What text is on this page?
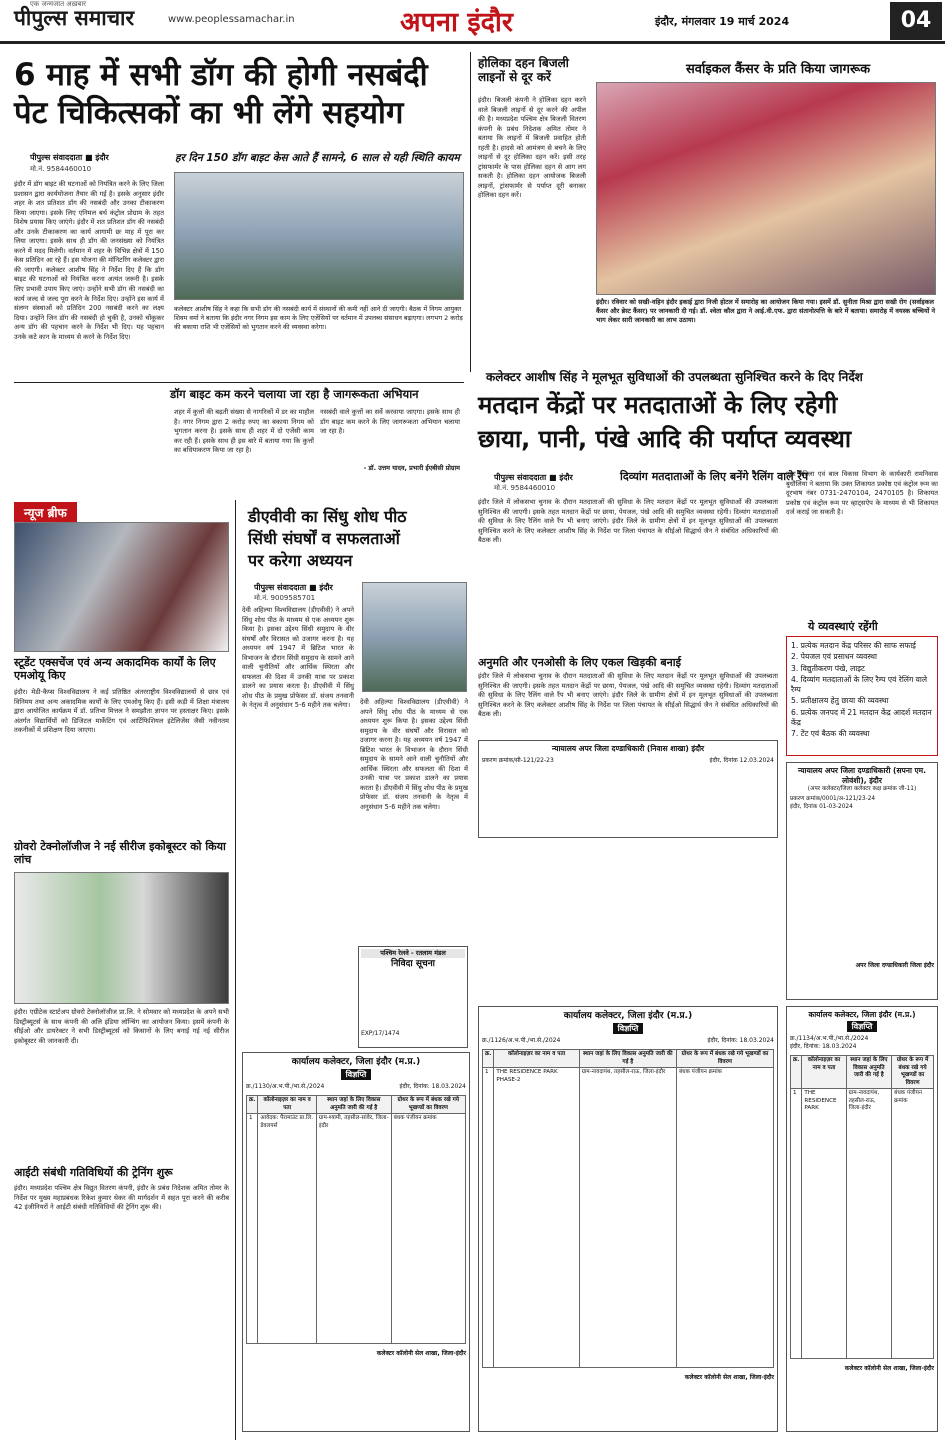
एक जन्मजात अख़बार
पीपुल्स समाचार	www.peoplessamachar.in	अपना इंदौर	इंदौर, मंगलवार 19 मार्च 2024	04
6 माह में सभी डॉग की होगी नसबंदी
पेट चिकित्सकों का भी लेंगे सहयोग
पीपुल्स संवाददाता ■ इंदौर
मो.नं. 9584460010
हर दिन 150 डॉग बाइट केस आते हैं सामने, 6 साल से यही स्थिति कायम
इंदौर में डॉग बाइट की घटनाओं को नियंत्रित करने के लिए जिला प्रशासन द्वारा कार्ययोजना तैयार की गई है। इसके अनुसार इंदौर शहर के शत प्रतिशत डॉग की नसबंदी और उनका टीकाकरण किया जाएगा। इसके लिए एनिमल बर्थ कंट्रोल प्रोग्राम के तहत विशेष प्रयास किए जाएंगे। इंदौर में शत प्रतिशत डॉग की नसबंदी और उनके टीकाकरण का कार्य आगामी छः माह में पूरा कर लिया जाएगा। इसके साथ ही डॉग की जनसंख्या को नियंत्रित करने में मदद मिलेगी। वर्तमान में शहर के विभिन्न क्षेत्रों में 150 केस प्रतिदिन आ रहे हैं। इस योजना की मॉनिटरिंग कलेक्टर द्वारा की जाएगी। कलेक्टर आशीष सिंह ने निर्देश दिए हैं कि डॉग बाइट की घटनाओं को नियंत्रित करना अत्यंत जरूरी है। इसके लिए प्रभावी उपाय किए जाएं। उन्होंने सभी डॉग की नसबंदी का कार्य जल्द से जल्द पूरा करने के निर्देश दिए। उन्होंने इस कार्य में संलग्न संस्थाओं को प्रतिदिन 200 नसबंदी करने का लक्ष्य दिया। उन्होंने जिन डॉग की नसबंदी हो चुकी है, उनको चोंकूकर अन्य डॉग की पहचान करने के निर्देश भी दिए। यह पहचान उनके कटे कान के माध्यम से करने के निर्देश दिए।
कलेक्टर आशीष सिंह ने कहा कि सभी डॉग की नसबंदी कार्य में संस्थानों की कमी नहीं आने दी जाएगी। बैठक में निगम आयुक्त शिवम वर्मा ने बताया कि इंदौर नगर निगम इस काम के लिए एजेंसियों पर वर्तमान में उपलब्ध संसाधन बढ़ाएगा। लगभग 2 करोड़ की बकाया राशि भी एजेंसियों को भुगतान करने की व्यवस्था करेगा।
डॉग बाइट कम करने चलाया जा रहा है जागरूकता अभियान
शहर में कुत्तों की बढ़ती संख्या से नागरिकों में डर का माहौल है। नगर निगम द्वारा 2 करोड़ रुपए का बकाया निगम को भुगतान करना है। इसके साथ ही शहर में दो एजेंसी काम कर रही हैं। इसके साथ ही इस बारे में बताया गया कि कुत्तों का बधियाकरण किया जा रहा है।
नसबंदी वाले कुत्तों का सर्वे करवाया जाएगा। इसके साथ ही डॉग बाइट कम करने के लिए जागरूकता अभियान चलाया जा रहा है।
- डॉ. उत्तम यादव, प्रभारी ईएबीसी प्रोग्राम
होलिका दहन बिजली लाइनों से दूर करें
इंदौर। बिजली कंपनी ने होलिका दहन करने वाले बिजली लाइनों से दूर करने की अपील की है। मध्यप्रदेश पश्चिम क्षेत्र बिजली वितरण कंपनी के प्रबंध निदेशक अमित तोमर ने बताया कि लाइनों में बिजली प्रवाहित होती रहती है। हादसे को आमंत्रण से बचने के लिए लाइनों से दूर होलिका दहन करें। इसी तरह ट्रांसफार्मर के पास होलिका दहन से आग लग सकती है। होलिका दहन आयोजक बिजली लाइनों, ट्रांसफार्मर से पर्याप्त दूरी बनाकर होलिका दहन करें।
सर्वाइकल कैंसर के प्रति किया जागरूक
इंदौर। रविवार को सखी-वहिन इंदौर इकाई द्वारा निजी होटल में समारोह का आयोजन किया गया। इसमें डॉ. सुनीता मिश्रा द्वारा सखी रोग (सर्वाइकल कैंसर और ब्रेस्ट कैंसर) पर जानकारी दी गई। डॉ. श्वेता कौल द्वारा ने आई.वी.एफ. द्वारा संतानोत्पत्ति के बारे में बताया। समारोह में वयस्क बच्चियों ने भाग लेकर सारी जानकारी का लाभ उठाया।
कलेक्टर आशीष सिंह ने मूलभूत सुविधाओं की उपलब्धता सुनिश्चित करने के दिए निर्देश
मतदान केंद्रों पर मतदाताओं के लिए रहेगी
छाया, पानी, पंखे आदि की पर्याप्त व्यवस्था
पीपुल्स संवाददाता ■ इंदौर
मो.नं. 9584460010
दिव्यांग मतदाताओं के लिए बनेंगे रैलिंग वाले रैंप
इंदौर जिले में लोकसभा चुनाव के दौरान मतदाताओं की सुविधा के लिए मतदान केंद्रों पर मूलभूत सुविधाओं की उपलब्धता सुनिश्चित की जाएगी। इसके तहत मतदान केंद्रों पर छाया, पेयजल, पंखे आदि की समुचित व्यवस्था रहेगी। दिव्यांग मतदाताओं की सुविधा के लिए रैलिंग वाले रैंप भी बनाए जाएंगे। इंदौर जिले के ग्रामीण क्षेत्रों में इन मूलभूत सुविधाओं की उपलब्धता सुनिश्चित करने के लिए कलेक्टर आशीष सिंह के निर्देश पर जिला पंचायत के सीईओ सिद्धार्थ जैन ने संबंधित अधिकारियों की बैठक ली।
अनुमति और एनओसी के लिए एकल खिड़की बनाई
तथा महिला एवं बाल विकास विभाग के कार्यकारी रामनिवास बुधौलिया ने बताया कि उक्त शिकायत प्रकोष्ठ एवं कंट्रोल रूम का दूरभाष नंबर 0731-2470104, 2470105 है। शिकायत प्रकोष्ठ एवं कंट्रोल रूम पर व्हाट्सऐप के माध्यम से भी शिकायत दर्ज कराई जा सकती है।
ये व्यवस्थाएं रहेंगी
1. प्रत्येक मतदान केंद्र परिसर की साफ सफाई
2. पेयजल एवं प्रसाधन व्यवस्था
3. विद्युतीकरण पंखे, लाइट
4. दिव्यांग मतदाताओं के लिए रैम्प एवं रेलिंग वाले रैम्प
5. प्रतीक्षालय हेतु छाया की व्यवस्था
6. प्रत्येक जनपद में 21 मतदान केंद्र आदर्श मतदान केंद्र
7. टेंट एवं बैठक की व्यवस्था
इंदौर जिले में लोकसभा चुनाव के दौरान मतदाताओं की सुविधा के लिए मतदान केंद्रों पर मूलभूत सुविधाओं की उपलब्धता सुनिश्चित की जाएगी। इसके तहत मतदान केंद्रों पर छाया, पेयजल, पंखे आदि की समुचित व्यवस्था रहेगी। दिव्यांग मतदाताओं की सुविधा के लिए रैलिंग वाले रैंप भी बनाए जाएंगे। इंदौर जिले के ग्रामीण क्षेत्रों में इन मूलभूत सुविधाओं की उपलब्धता सुनिश्चित करने के लिए कलेक्टर आशीष सिंह के निर्देश पर जिला पंचायत के सीईओ सिद्धार्थ जैन ने संबंधित अधिकारियों की बैठक ली।
न्यूज ब्रीफ
स्टूडेंट एक्सचेंज एवं अन्य अकादमिक कार्यों के लिए एमओयू किए
इंदौर। मेडी-कैप्स विश्वविद्यालय ने कई प्रतिष्ठित अंतरराष्ट्रीय विश्वविद्यालयों से छात्र एवं विनिमय तथा अन्य अकादमिक कार्यों के लिए एमओयू किए हैं। इसी कड़ी में शिक्षा मंत्रालय द्वारा आयोजित कार्यक्रम में डॉ. प्रतिभा मित्तल ने समझौता ज्ञापन पर हस्ताक्षर किए। इसके अंतर्गत विद्यार्थियों को डिजिटल मार्केटिंग एवं आर्टिफिशियल इंटेलिजेंस जैसी नवीनतम तकनीकों में प्रशिक्षण दिया जाएगा।
ग्रोवरो टेक्नोलॉजीज ने नई सीरीज इकोबूस्टर को किया लांच
इंदौर। एग्रीटेक स्टार्टअप ग्रोवरो टेक्नोलॉजीज प्रा.लि. ने सोमवार को मध्यप्रदेश के अपने सभी डिस्ट्रीब्यूटर्स के साथ कंपनी की अलि इंडिया लॉन्चिंग का आयोजन किया। इसमें कंपनी के सीईओ और डायरेक्टर ने सभी डिस्ट्रीब्यूटर्स को किसानों के लिए बनाई गई नई सीरीज इकोबूस्टर की जानकारी दी।
आईटी संबंधी गतिविधियों की ट्रेनिंग शुरू
इंदौर। मध्यप्रदेश पश्चिम क्षेत्र विद्युत वितरण कंपनी, इंदौर के प्रबंध निदेशक अमित तोमर के निर्देश पर मुख्य महाप्रबंधक रिकेश कुमार थेकर की मार्गदर्शन में सहत पूरा करने की करीब 42 इंजीनियरों ने आईटी संबंधी गतिविधियों की ट्रेनिंग शुरू की।
डीएवीवी का सिंधु शोध पीठ
सिंधी संघर्षों व सफलताओं
पर करेगा अध्ययन
पीपुल्स संवाददाता ■ इंदौर
मो.नं. 9009585701
देवी अहिल्या विश्वविद्यालय (डीएवीवी) ने अपने सिंधु शोध पीठ के माध्यम से एक अध्ययन शुरू किया है। इसका उद्देश्य सिंधी समुदाय के वीर संघर्षों और विरासत को उजागर करना है। यह अध्ययन वर्ष 1947 में ब्रिटिश भारत के विभाजन के दौरान सिंधी समुदाय के सामने आने वाली चुनौतियों और आर्थिक स्थिरता और सफलता की दिशा में उनकी यात्रा पर प्रकाश डालने का प्रयास करता है। डीएवीवी में सिंधु शोध पीठ के प्रमुख प्रोफेसर डॉ. संजय तनवानी के नेतृत्व में अनुसंधान 5-6 महीने तक चलेगा।	देवी अहिल्या विश्वविद्यालय (डीएवीवी) ने अपने सिंधु शोध पीठ के माध्यम से एक अध्ययन शुरू किया है। इसका उद्देश्य सिंधी समुदाय के वीर संघर्षों और विरासत को उजागर करना है। यह अध्ययन वर्ष 1947 में ब्रिटिश भारत के विभाजन के दौरान सिंधी समुदाय के सामने आने वाली चुनौतियों और आर्थिक स्थिरता और सफलता की दिशा में उनकी यात्रा पर प्रकाश डालने का प्रयास करता है। डीएवीवी में सिंधु शोध पीठ के प्रमुख प्रोफेसर डॉ. संजय तनवानी के नेतृत्व में अनुसंधान 5-6 महीने तक चलेगा।
पश्चिम रेलवे - रतलाम मंडल
निविदा सूचना
EXP/17/1474
न्यायालय अपर जिला दण्डाधिकारी (निवास शाखा) इंदौर
प्रकरण क्रमांक/सी-121/22-23	इंदौर, दिनांक 12.03.2024
न्यायालय अपर जिला दण्डाधिकारी (सपना एम. लोवंशी), इंदौर
(अपर कलेक्टर/जिला कलेक्टर कक्ष क्रमांक जी-11)
प्रकरण क्रमांक/0001/अ-121/23-24
इंदौर, दिनांक 01-03-2024
अपर जिला दण्डाधिकारी जिला इंदौर
कार्यालय कलेक्टर, जिला इंदौर (म.प्र.)
विज्ञप्ति
क्र./1130/अ.भ.पी./भा.से./2024	इंदौर, दिनांक: 18.03.2024
क्र.	कॉलोनाइज़र का नाम व पता	स्थान जहां के लिए विकास अनुमति जारी की गई है	ग्रोथर के रूप में बंधक रखे गये भूखण्डों का विवरण
1	आवेदक: पैरामाउंट प्रा.लि. डेवलपर्स	ग्राम-श्यामी, तहसील-सांवेर, जिला-इंदौर	बंधक पंजीयन क्रमांक
कलेक्टर कॉलोनी सेल शाखा, जिला-इंदौर
कार्यालय कलेक्टर, जिला इंदौर (म.प्र.)
विज्ञप्ति
क्र./1126/अ.भ.पी./भा.से./2024	इंदौर, दिनांक: 18.03.2024
क्र.	कॉलोनाइज़र का नाम व पता	स्थान जहां के लिए विकास अनुमति जारी की गई है	ग्रोथर के रूप में बंधक रखे गये भूखण्डों का विवरण
1	THE RESIDENCE PARK PHASE-2	ग्राम-नावदापंथ, तहसील-राऊ, जिला-इंदौर	बंधक पंजीयन क्रमांक
कलेक्टर कॉलोनी सेल शाखा, जिला-इंदौर
कार्यालय कलेक्टर, जिला इंदौर (म.प्र.)
विज्ञप्ति
क्र./1134/अ.भ.पी./भा.से./2024
इंदौर, दिनांक: 18.03.2024
क्र.	कॉलोनाइज़र का नाम व पता	स्थान जहां के लिए विकास अनुमति जारी की गई है	ग्रोथर के रूप में बंधक रखे गये भूखण्डों का विवरण
1	THE RESIDENCE PARK	ग्राम-नावदापंथ, तहसील-राऊ, जिला-इंदौर	बंधक पंजीयन क्रमांक
कलेक्टर कॉलोनी सेल शाखा, जिला-इंदौर
